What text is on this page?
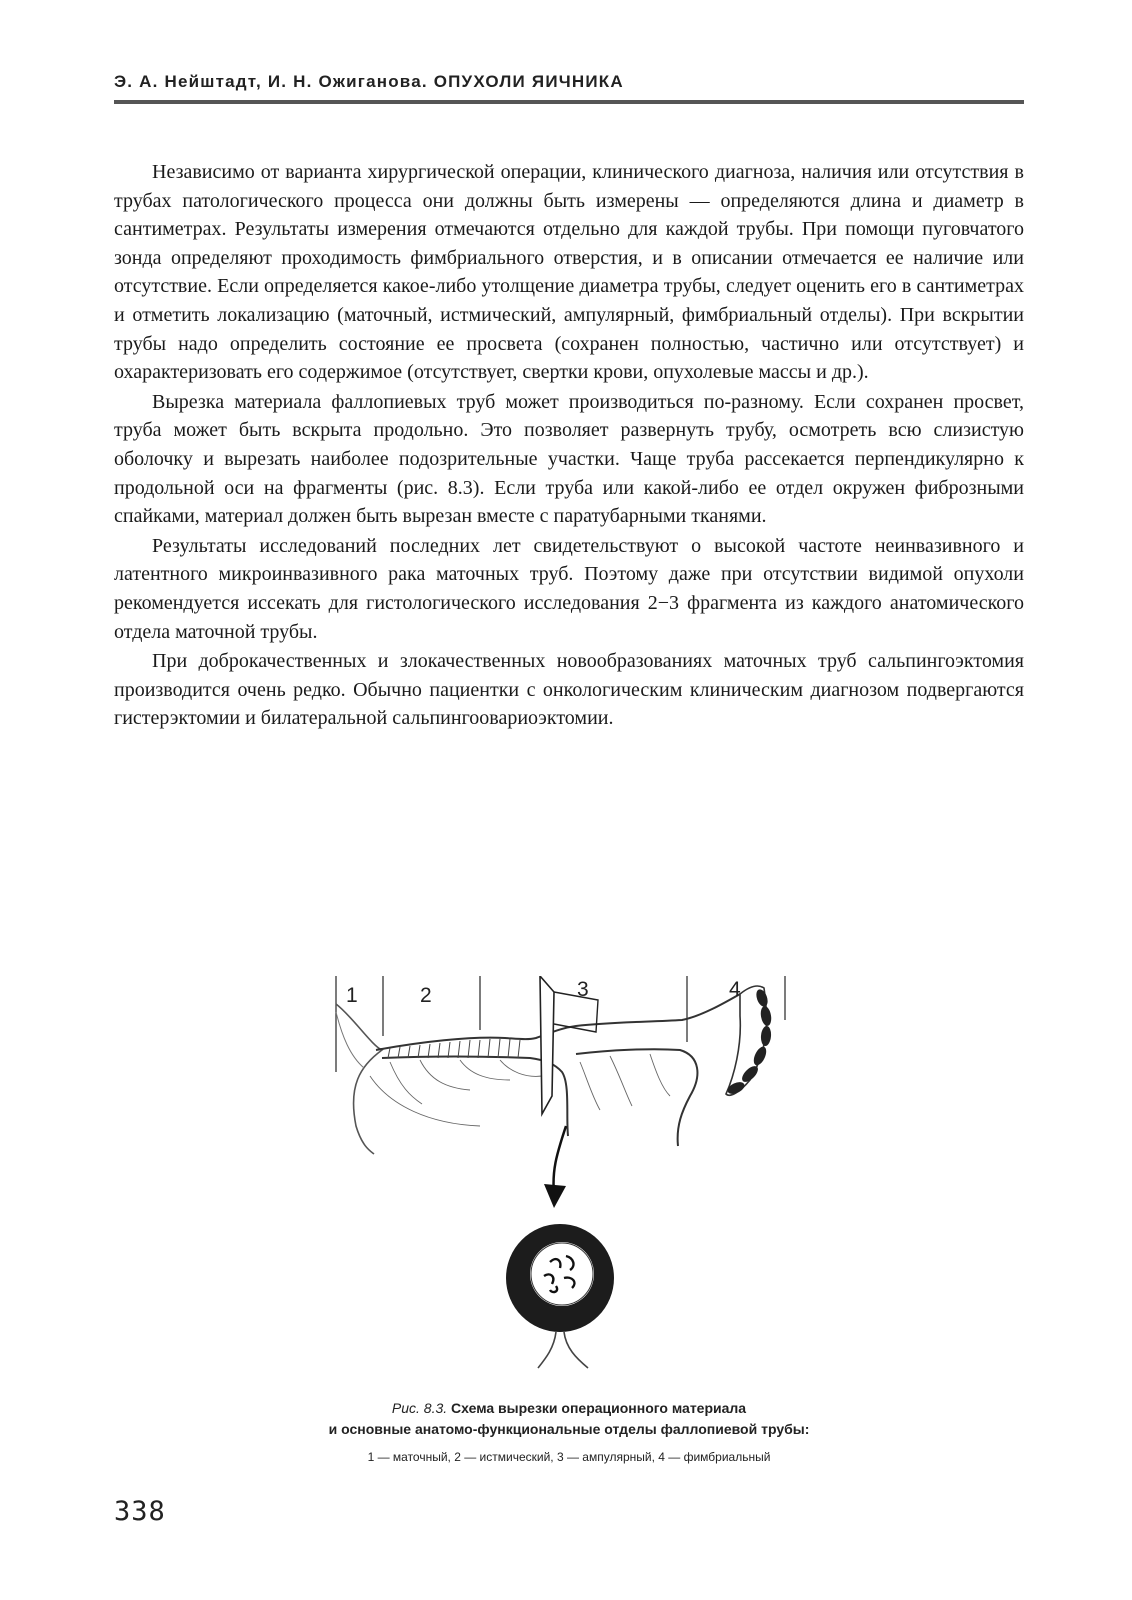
Э. А. Нейштадт, И. Н. Ожиганова. ОПУХОЛИ ЯИЧНИКА

Независимо от варианта хирургической операции, клинического диагноза, наличия или отсутствия в трубах патологического процесса они должны быть измерены — определяются длина и диаметр в сантиметрах. Результаты измерения отмечаются отдельно для каждой трубы. При помощи пуговчатого зонда определяют проходимость фимбриального отверстия, и в описании отмечается ее наличие или отсутствие. Если определяется какое-либо утолщение диаметра трубы, следует оценить его в сантиметрах и отметить локализацию (маточный, истмический, ампулярный, фимбриальный отделы). При вскрытии трубы надо определить состояние ее просвета (сохранен полностью, частично или отсутствует) и охарактеризовать его содержимое (отсутствует, свертки крови, опухолевые массы и др.).

Вырезка материала фаллопиевых труб может производиться по-разному. Если сохранен просвет, труба может быть вскрыта продольно. Это позволяет развернуть трубу, осмотреть всю слизистую оболочку и вырезать наиболее подозрительные участки. Чаще труба рассекается перпендикулярно к продольной оси на фрагменты (рис. 8.3). Если труба или какой-либо ее отдел окружен фиброзными спайками, материал должен быть вырезан вместе с паратубарными тканями.

Результаты исследований последних лет свидетельствуют о высокой частоте неинвазивного и латентного микроинвазивного рака маточных труб. Поэтому даже при отсутствии видимой опухоли рекомендуется иссекать для гистологического исследования 2−3 фрагмента из каждого анатомического отдела маточной трубы.

При доброкачественных и злокачественных новообразованиях маточных труб сальпингоэктомия производится очень редко. Обычно пациентки с онкологическим клиническим диагнозом подвергаются гистерэктомии и билатеральной сальпингоовариоэктомии.

1	2	3	4
Рис. 8.3. Схема вырезки операционного материала
и основные анатомо-функциональные отделы фаллопиевой трубы:
1 — маточный, 2 — истмический, 3 — ампулярный, 4 — фимбриальный
338
